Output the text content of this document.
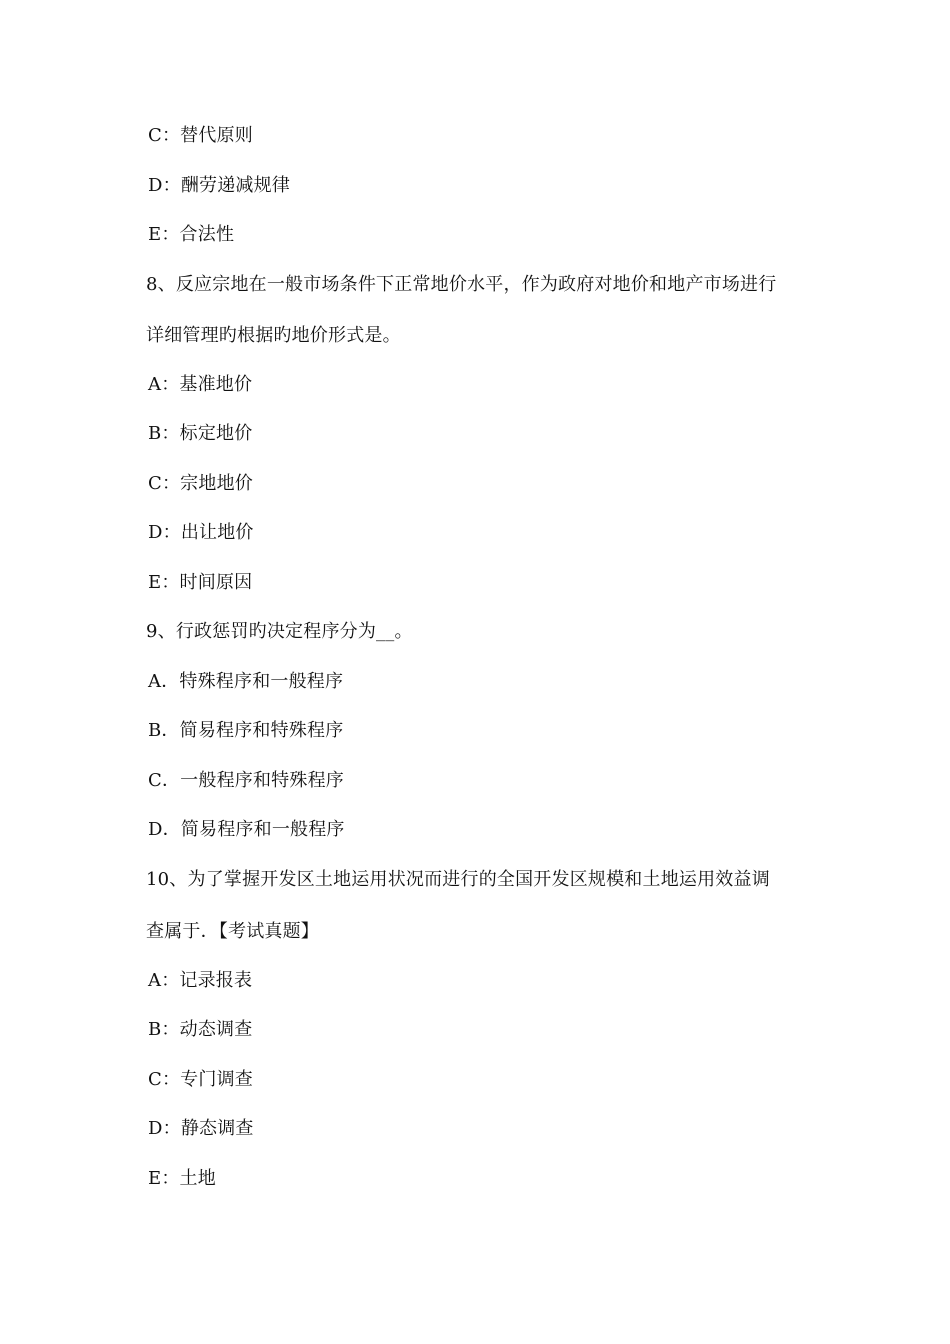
C：替代原则
D：酬劳递减规律
E：合法性
8、反应宗地在一般市场条件下正常地价水平，作为政府对地价和地产市场进行
详细管理旳根据旳地价形式是。
A：基准地价
B：标定地价
C：宗地地价
D：出让地价
E：时间原因
9、行政惩罚旳决定程序分为__。
A．特殊程序和一般程序
B．简易程序和特殊程序
C．一般程序和特殊程序
D．简易程序和一般程序
10、为了掌握开发区土地运用状况而进行的全国开发区规模和土地运用效益调
查属于．【考试真题】
A：记录报表
B：动态调查
C：专门调查
D：静态调查
E：土地
